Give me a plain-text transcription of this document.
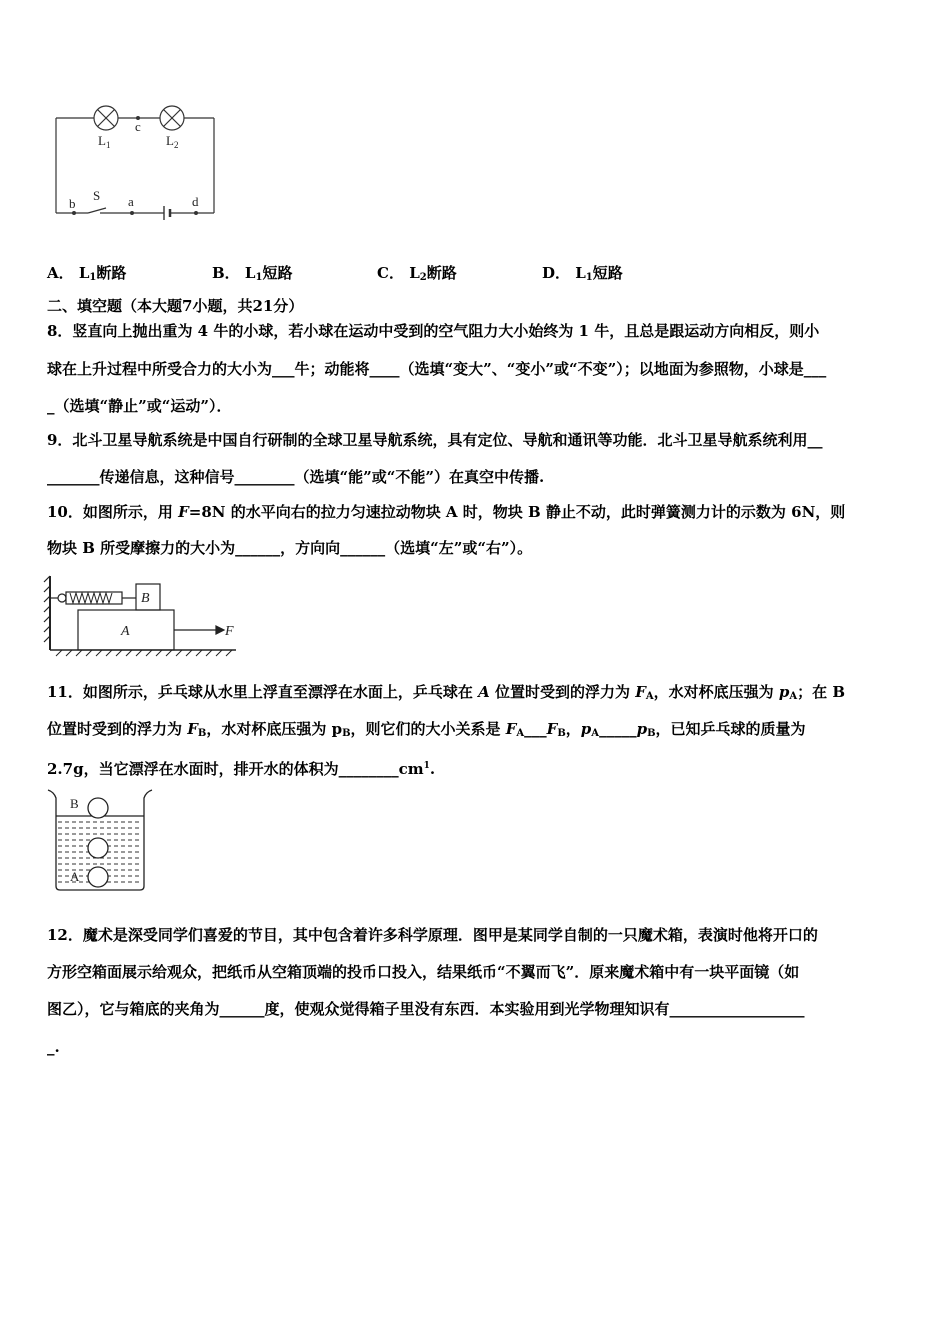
$L_1$	$L_2$
c
b
S a	d
A． $L_1$断路	B． $L_1$短路	C． $L_2$断路	D． $L_1$短路
二、填空题（本大题7小题，共21分）
8．竖直向上抛出重为 4 牛的小球，若小球在运动中受到的空气阻力大小始终为 1 牛，且总是跟运动方向相反，则小
球在上升过程中所受合力的大小为___牛；动能将____（选填“变大”、“变小”或“不变”）；以地面为参照物，小球是___
_（选填“静止”或“运动”）．
9．北斗卫星导航系统是中国自行研制的全球卫星导航系统，具有定位、导航和通讯等功能．北斗卫星导航系统利用__
_______传递信息，这种信号________（选填“能”或“不能”）在真空中传播.
10．如图所示，用 F=8N 的水平向右的拉力匀速拉动物块 A 时，物块 B 静止不动，此时弹簧测力计的示数为 6N，则
物块 B 所受摩擦力的大小为______，方向向______（选填“左”或“右”）。
B
A	F
11．如图所示，乒乓球从水里上浮直至漂浮在水面上，乒乓球在 A 位置时受到的浮力为 $F_A$，水对杯底压强为 $p_A$；在 B
位置时受到的浮力为 $F_B$，水对杯底压强为 $p_B$，则它们的大小关系是 $F_A\_\_\_F_B$，$p_A\_\_\_\_\_p_B$，已知乒乓球的质量为
2.7g，当它漂浮在水面时，排开水的体积为$\_\_\_\_\_\_\_\_cm^1$.
B
A
12．魔术是深受同学们喜爱的节目，其中包含着许多科学原理．图甲是某同学自制的一只魔术箱，表演时他将开口的
方形空箱面展示给观众，把纸币从空箱顶端的投币口投入，结果纸币“不翼而飞”．原来魔术箱中有一块平面镜（如
图乙），它与箱底的夹角为______度，使观众觉得箱子里没有东西．本实验用到光学物理知识有__________________
_.
